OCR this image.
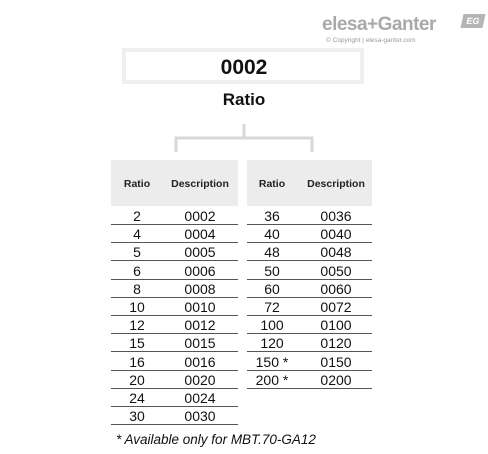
elesa+Ganter	EG
© Copyright | elesa-ganter.com
0002
Ratio
Ratio Description
2	0002
4	0004
5	0005
6	0006
8	0008
10	0010
12	0012
15	0015
16	0016
20	0020
24	0024
30	0030
Ratio Description
36	0036
40	0040
48	0048
50	0050
60	0060
72	0072
100	0100
120	0120
150 * 0150
200 * 0200
* Available only for MBT.70-GA12
